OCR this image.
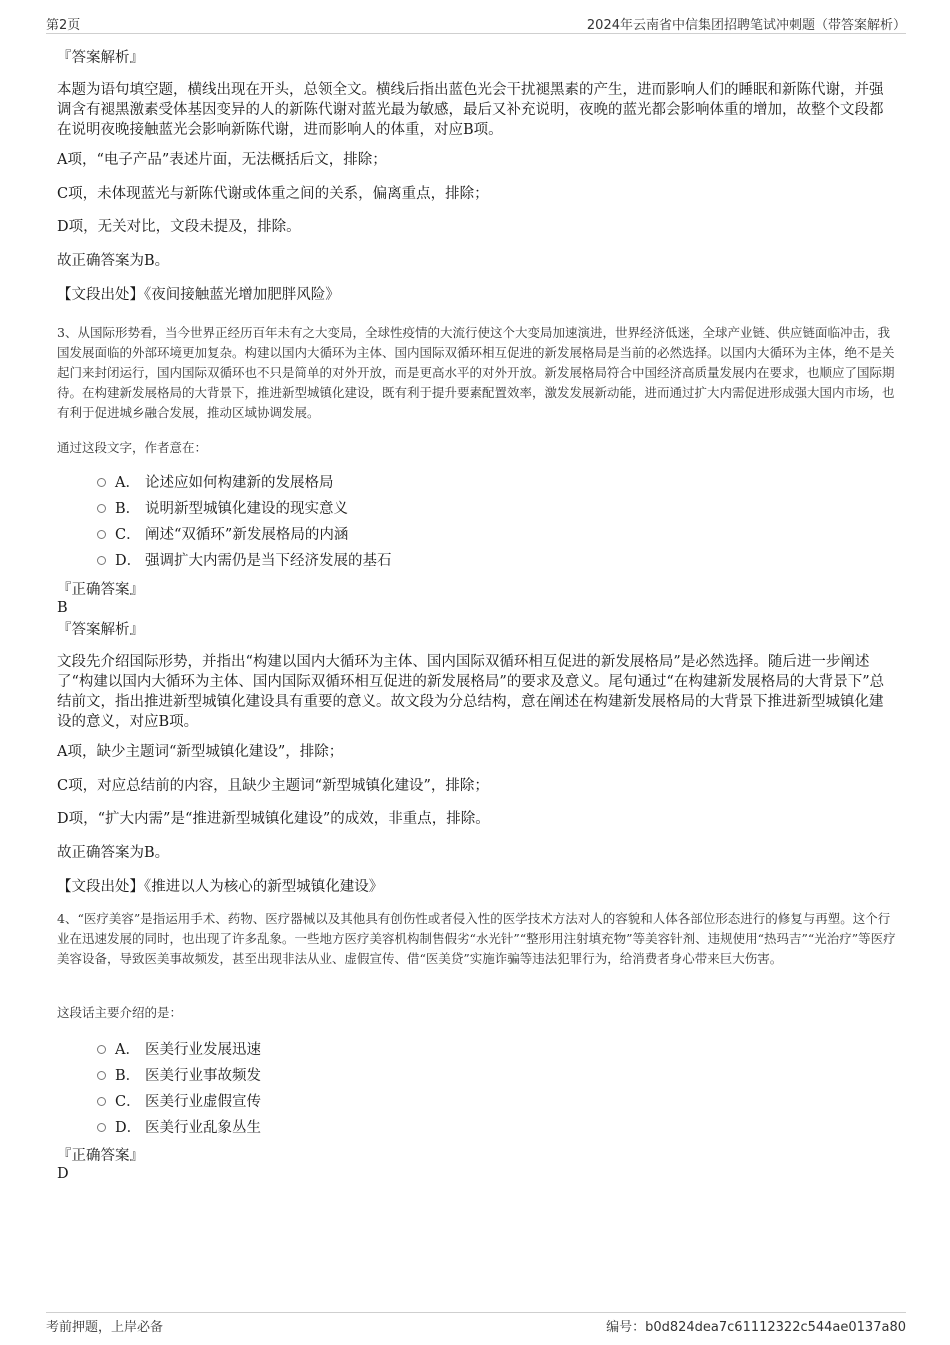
第2页	2024年云南省中信集团招聘笔试冲刺题（带答案解析）

『答案解析』

本题为语句填空题，横线出现在开头，总领全文。横线后指出蓝色光会干扰褪黑素的产生，进而影响人们的睡眠和新陈代谢，并强调含有褪黑激素受体基因变异的人的新陈代谢对蓝光最为敏感，最后又补充说明，夜晚的蓝光都会影响体重的增加，故整个文段都在说明夜晚接触蓝光会影响新陈代谢，进而影响人的体重，对应B项。

A项，“电子产品”表述片面，无法概括后文，排除；

C项，未体现蓝光与新陈代谢或体重之间的关系，偏离重点，排除；

D项，无关对比，文段未提及，排除。

故正确答案为B。

【文段出处】《夜间接触蓝光增加肥胖风险》

3、从国际形势看，当今世界正经历百年未有之大变局，全球性疫情的大流行使这个大变局加速演进，世界经济低迷，全球产业链、供应链面临冲击，我国发展面临的外部环境更加复杂。构建以国内大循环为主体、国内国际双循环相互促进的新发展格局是当前的必然选择。以国内大循环为主体，绝不是关起门来封闭运行，国内国际双循环也不只是简单的对外开放，而是更高水平的对外开放。新发展格局符合中国经济高质量发展内在要求，也顺应了国际期待。在构建新发展格局的大背景下，推进新型城镇化建设，既有利于提升要素配置效率，激发发展新动能，进而通过扩大内需促进形成强大国内市场，也有利于促进城乡融合发展，推动区域协调发展。

通过这段文字，作者意在：

A． 论述应如何构建新的发展格局
B． 说明新型城镇化建设的现实意义
C． 阐述“双循环”新发展格局的内涵
D． 强调扩大内需仍是当下经济发展的基石

『正确答案』

B

『答案解析』

文段先介绍国际形势，并指出“构建以国内大循环为主体、国内国际双循环相互促进的新发展格局”是必然选择。随后进一步阐述了“构建以国内大循环为主体、国内国际双循环相互促进的新发展格局”的要求及意义。尾句通过“在构建新发展格局的大背景下”总结前文，指出推进新型城镇化建设具有重要的意义。故文段为分总结构，意在阐述在构建新发展格局的大背景下推进新型城镇化建设的意义，对应B项。

A项，缺少主题词“新型城镇化建设”，排除；

C项，对应总结前的内容，且缺少主题词“新型城镇化建设”，排除；

D项，“扩大内需”是“推进新型城镇化建设”的成效，非重点，排除。

故正确答案为B。

【文段出处】《推进以人为核心的新型城镇化建设》

4、“医疗美容”是指运用手术、药物、医疗器械以及其他具有创伤性或者侵入性的医学技术方法对人的容貌和人体各部位形态进行的修复与再塑。这个行业在迅速发展的同时，也出现了许多乱象。一些地方医疗美容机构制售假劣“水光针”“整形用注射填充物”等美容针剂、违规使用“热玛吉”“光治疗”等医疗美容设备，导致医美事故频发，甚至出现非法从业、虚假宣传、借“医美贷”实施诈骗等违法犯罪行为，给消费者身心带来巨大伤害。

这段话主要介绍的是：

A． 医美行业发展迅速
B． 医美行业事故频发
C． 医美行业虚假宣传
D． 医美行业乱象丛生

『正确答案』

D

考前押题，上岸必备	编号：b0d824dea7c61112322c544ae0137a80
